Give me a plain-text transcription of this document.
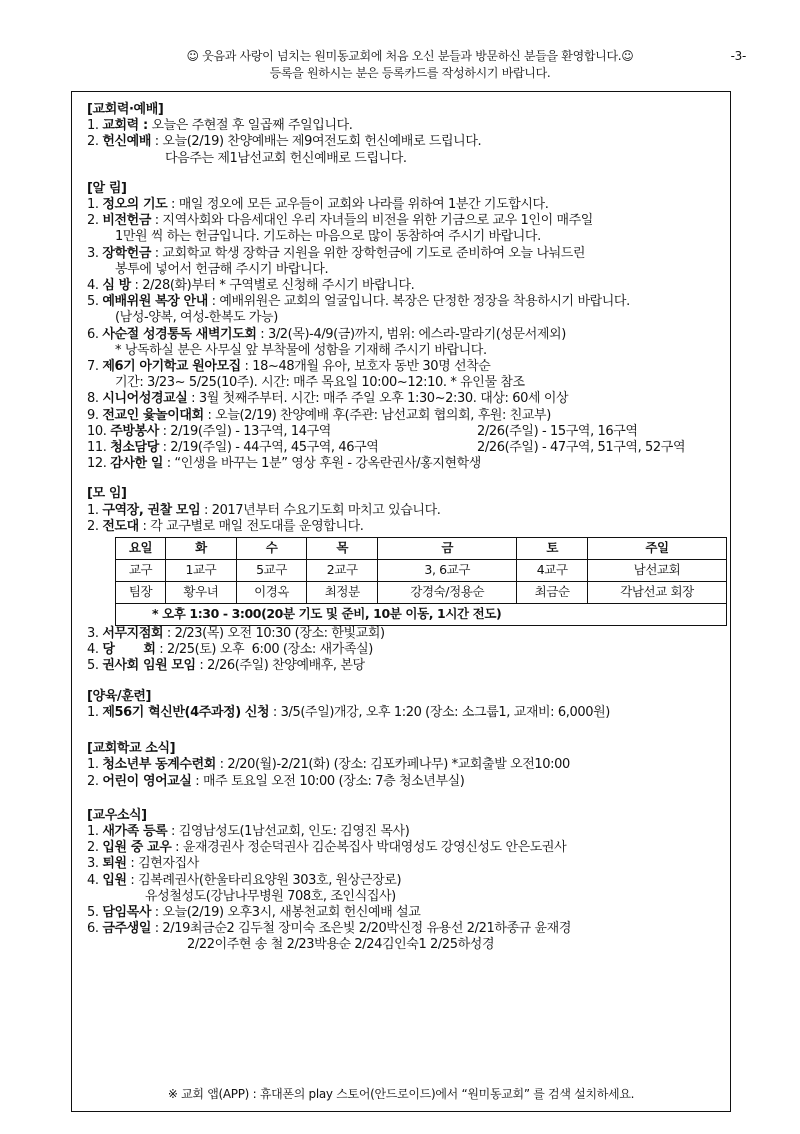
☺ 웃음과 사랑이 넘치는 원미동교회에 처음 오신 분들과 방문하신 분들을 환영합니다.☺
등록을 원하시는 분은 등록카드를 작성하시기 바랍니다.
-3-
[교회력·예배]
1. 교회력 : 오늘은 주현절 후 일곱째 주일입니다.
2. 헌신예배 : 오늘(2/19) 찬양예배는 제9여전도회 헌신예배로 드립니다.
다음주는 제1남선교회 헌신예배로 드립니다.
[알 림]
1. 정오의 기도 : 매일 정오에 모든 교우들이 교회와 나라를 위하여 1분간 기도합시다.
2. 비전헌금 : 지역사회와 다음세대인 우리 자녀들의 비전을 위한 기금으로 교우 1인이 매주일
1만원 씩 하는 헌금입니다. 기도하는 마음으로 많이 동참하여 주시기 바랍니다.
3. 장학헌금 : 교회학교 학생 장학금 지원을 위한 장학헌금에 기도로 준비하여 오늘 나눠드린
봉투에 넣어서 헌금해 주시기 바랍니다.
4. 심 방 : 2/28(화)부터 * 구역별로 신청해 주시기 바랍니다.
5. 예배위원 복장 안내 : 예배위원은 교회의 얼굴입니다. 복장은 단정한 정장을 착용하시기 바랍니다.
(남성-양복, 여성-한복도 가능)
6. 사순절 성경통독 새벽기도회 : 3/2(목)-4/9(금)까지, 범위: 에스라-말라기(성문서제외)
* 낭독하실 분은 사무실 앞 부착물에 성함을 기재해 주시기 바랍니다.
7. 제6기 아기학교 원아모집 : 18~48개월 유아, 보호자 동반 30명 선착순
기간: 3/23~ 5/25(10주). 시간: 매주 목요일 10:00~12:10. * 유인물 참조
8. 시니어성경교실 : 3월 첫째주부터. 시간: 매주 주일 오후 1:30~2:30. 대상: 60세 이상
9. 전교인 윷놀이대회 : 오늘(2/19) 찬양예배 후(주관: 남선교회 협의회, 후원: 친교부)
10. 주방봉사 : 2/19(주일) - 13구역, 14구역	2/26(주일) - 15구역, 16구역
11. 청소담당 : 2/19(주일) - 44구역, 45구역, 46구역	2/26(주일) - 47구역, 51구역, 52구역
12. 감사한 일 : “인생을 바꾸는 1분” 영상 후원 - 강옥란권사/홍지현학생
[모 임]
1. 구역장, 권찰 모임 : 2017년부터 수요기도회 마치고 있습니다.
2. 전도대 : 각 교구별로 매일 전도대를 운영합니다.
요일	화	수	목	금	토	주일
교구	1교구	5교구	2교구	3, 6교구	4교구	남선교회
팀장	황우녀	이경옥	최정분	강경숙/정용순	최금순	각남선교 회장
* 오후 1:30 - 3:00(20분 기도 및 준비, 10분 이동, 1시간 전도)						
3. 서무지점회 : 2/23(목) 오전 10:30 (장소: 한빛교회)
4. 당       회 : 2/25(토) 오후  6:00 (장소: 새가족실)
5. 권사회 임원 모임 : 2/26(주일) 찬양예배후, 본당
[양육/훈련]
1. 제56기 혁신반(4주과정) 신청 : 3/5(주일)개강, 오후 1:20 (장소: 소그룹1, 교재비: 6,000원)
[교회학교 소식]
1. 청소년부 동계수련회 : 2/20(월)-2/21(화) (장소: 김포카페나무) *교회출발 오전10:00
2. 어린이 영어교실 : 매주 토요일 오전 10:00 (장소: 7층 청소년부실)
[교우소식]
1. 새가족 등록 : 김영남성도(1남선교회, 인도: 김영진 목사)
2. 입원 중 교우 : 윤재경권사 정순덕권사 김순복집사 박대영성도 강영신성도 안은도권사
3. 퇴원 : 김현자집사
4. 입원 : 김복례권사(한울타리요양원 303호, 원상근장로)
유성철성도(강남나무병원 708호, 조인식집사)
5. 담임목사 : 오늘(2/19) 오후3시, 새봉천교회 헌신예배 설교
6. 금주생일 : 2/19최금순2 김두철 장미숙 조은빛 2/20박신정 유용선 2/21하종규 윤재경
2/22이주현 송 철 2/23박용순 2/24김인숙1 2/25하성경
※ 교회 앱(APP) : 휴대폰의 play 스토어(안드로이드)에서 “원미동교회” 를 검색 설치하세요.
